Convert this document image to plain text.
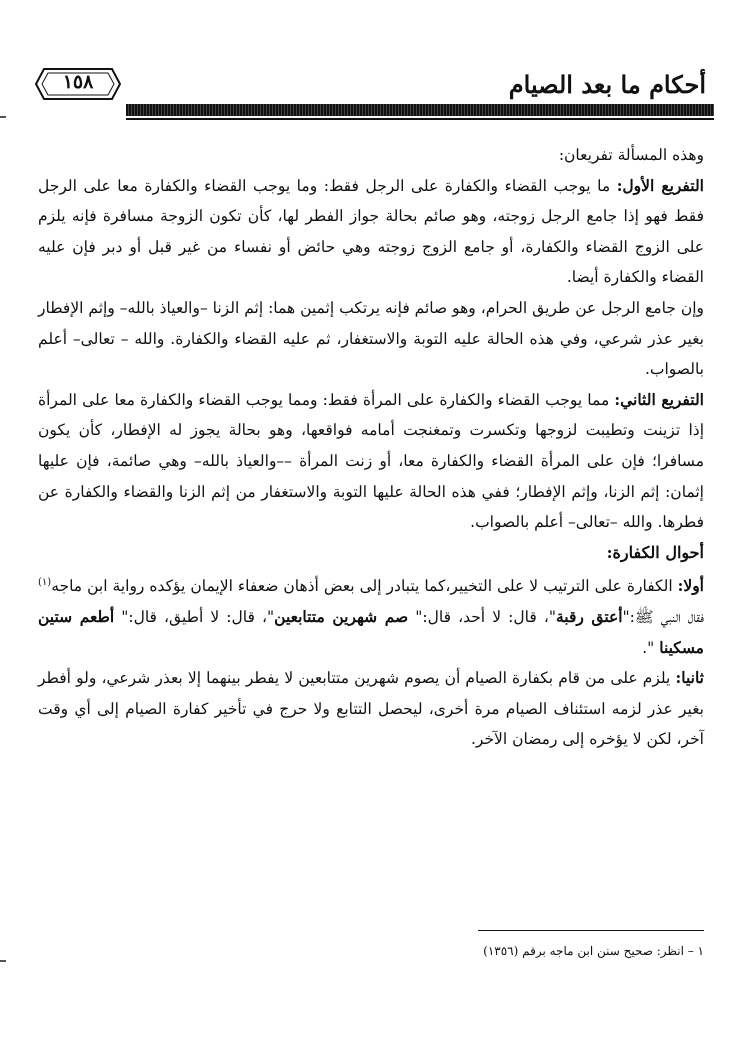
١٥٨	أحكام ما بعد الصيام

وهذه المسألة تفريعان:

التفريع الأول: ما يوجب القضاء والكفارة على الرجل فقط: وما يوجب القضاء والكفارة معا على الرجل فقط فهو إذا جامع الرجل زوجته، وهو صائم بحالة جواز الفطر لها، كأن تكون الزوجة مسافرة فإنه يلزم على الزوج القضاء والكفارة، أو جامع الزوج زوجته وهي حائض أو نفساء من غير قبل أو دبر فإن عليه القضاء والكفارة أيضا.

وإن جامع الرجل عن طريق الحرام، وهو صائم فإنه يرتكب إثمين هما: إثم الزنا –والعياذ بالله– وإثم الإفطار بغير عذر شرعي، وفي هذه الحالة عليه التوبة والاستغفار، ثم عليه القضاء والكفارة. والله – تعالى– أعلم بالصواب.

التفريع الثاني: مما يوجب القضاء والكفارة على المرأة فقط: ومما يوجب القضاء والكفارة معا على المرأة إذا تزينت وتطيبت لزوجها وتكسرت وتمغنجت أمامه فواقعها، وهو بحالة يجوز له الإفطار، كأن يكون مسافرا؛ فإن على المرأة القضاء والكفارة معا، أو زنت المرأة ––والعياذ بالله– وهي صائمة، فإن عليها إثمان: إثم الزنا، وإثم الإفطار؛ ففي هذه الحالة عليها التوبة والاستغفار من إثم الزنا والقضاء والكفارة عن فطرها. والله –تعالى– أعلم بالصواب.

أحوال الكفارة:

أولا: الكفارة على الترتيب لا على التخيير،كما يتبادر إلى بعض أذهان ضعفاء الإيمان يؤكده رواية ابن ماجه$^{(١)}$ فقال النبي ﷺ:"أعتق رقبة"، قال: لا أحد، قال:" صم شهرين متتابعين"، قال: لا أطيق، قال:" أطعم ستين مسكينا ".

ثانيا: يلزم على من قام بكفارة الصيام أن يصوم شهرين متتابعين لا يفطر بينهما إلا بعذر شرعي، ولو أفطر بغير عذر لزمه استئناف الصيام مرة أخرى، ليحصل التتابع ولا حرج في تأخير كفارة الصيام إلى أي وقت آخر، لكن لا يؤخره إلى رمضان الآخر.

١ – انظر: صحيح سنن ابن ماجه برقم (١٣٥٦)
